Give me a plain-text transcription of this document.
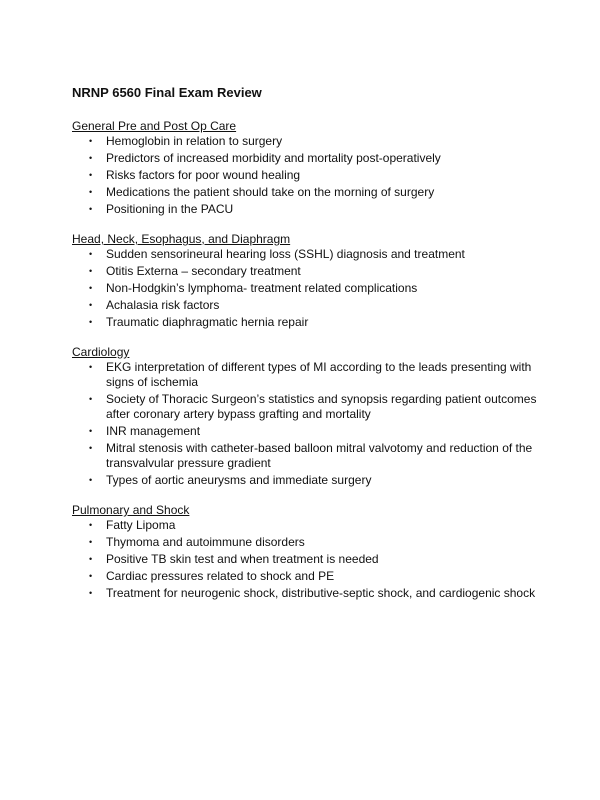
NRNP 6560 Final Exam Review
General Pre and Post Op Care
• Hemoglobin in relation to surgery
• Predictors of increased morbidity and mortality post-operatively
• Risks factors for poor wound healing
• Medications the patient should take on the morning of surgery
• Positioning in the PACU
Head, Neck, Esophagus, and Diaphragm
• Sudden sensorineural hearing loss (SSHL) diagnosis and treatment
• Otitis Externa – secondary treatment
• Non-Hodgkin’s lymphoma- treatment related complications
• Achalasia risk factors
• Traumatic diaphragmatic hernia repair
Cardiology
• EKG interpretation of different types of MI according to the leads presenting with signs of ischemia
• Society of Thoracic Surgeon’s statistics and synopsis regarding patient outcomes after coronary artery bypass grafting and mortality
• INR management
• Mitral stenosis with catheter-based balloon mitral valvotomy and reduction of the transvalvular pressure gradient
• Types of aortic aneurysms and immediate surgery
Pulmonary and Shock
• Fatty Lipoma
• Thymoma and autoimmune disorders
• Positive TB skin test and when treatment is needed
• Cardiac pressures related to shock and PE
• Treatment for neurogenic shock, distributive-septic shock, and cardiogenic shock
